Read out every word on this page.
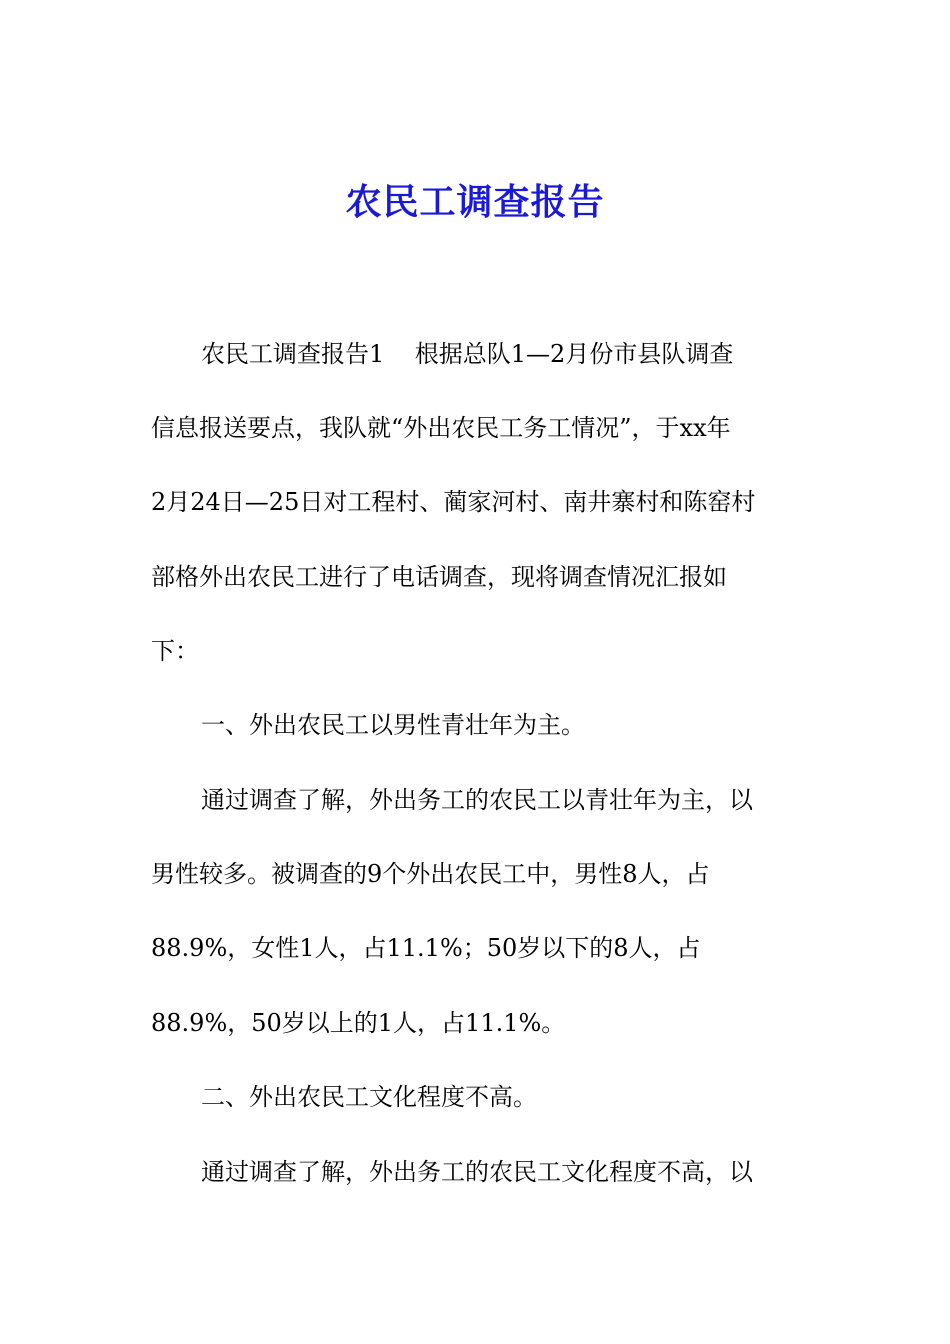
农民工调查报告
农民工调查报告1    根据总队1—2月份市县队调查
信息报送要点，我队就“外出农民工务工情况”，于xx年
2月24日—25日对工程村、蔺家河村、南井寨村和陈窑村
部格外出农民工进行了电话调查，现将调查情况汇报如
下：
一、外出农民工以男性青壮年为主。
通过调查了解，外出务工的农民工以青壮年为主，以
男性较多。被调查的9个外出农民工中，男性8人，占
88.9%，女性1人，占11.1%；50岁以下的8人，占
88.9%，50岁以上的1人，占11.1%。
二、外出农民工文化程度不高。
通过调查了解，外出务工的农民工文化程度不高，以
